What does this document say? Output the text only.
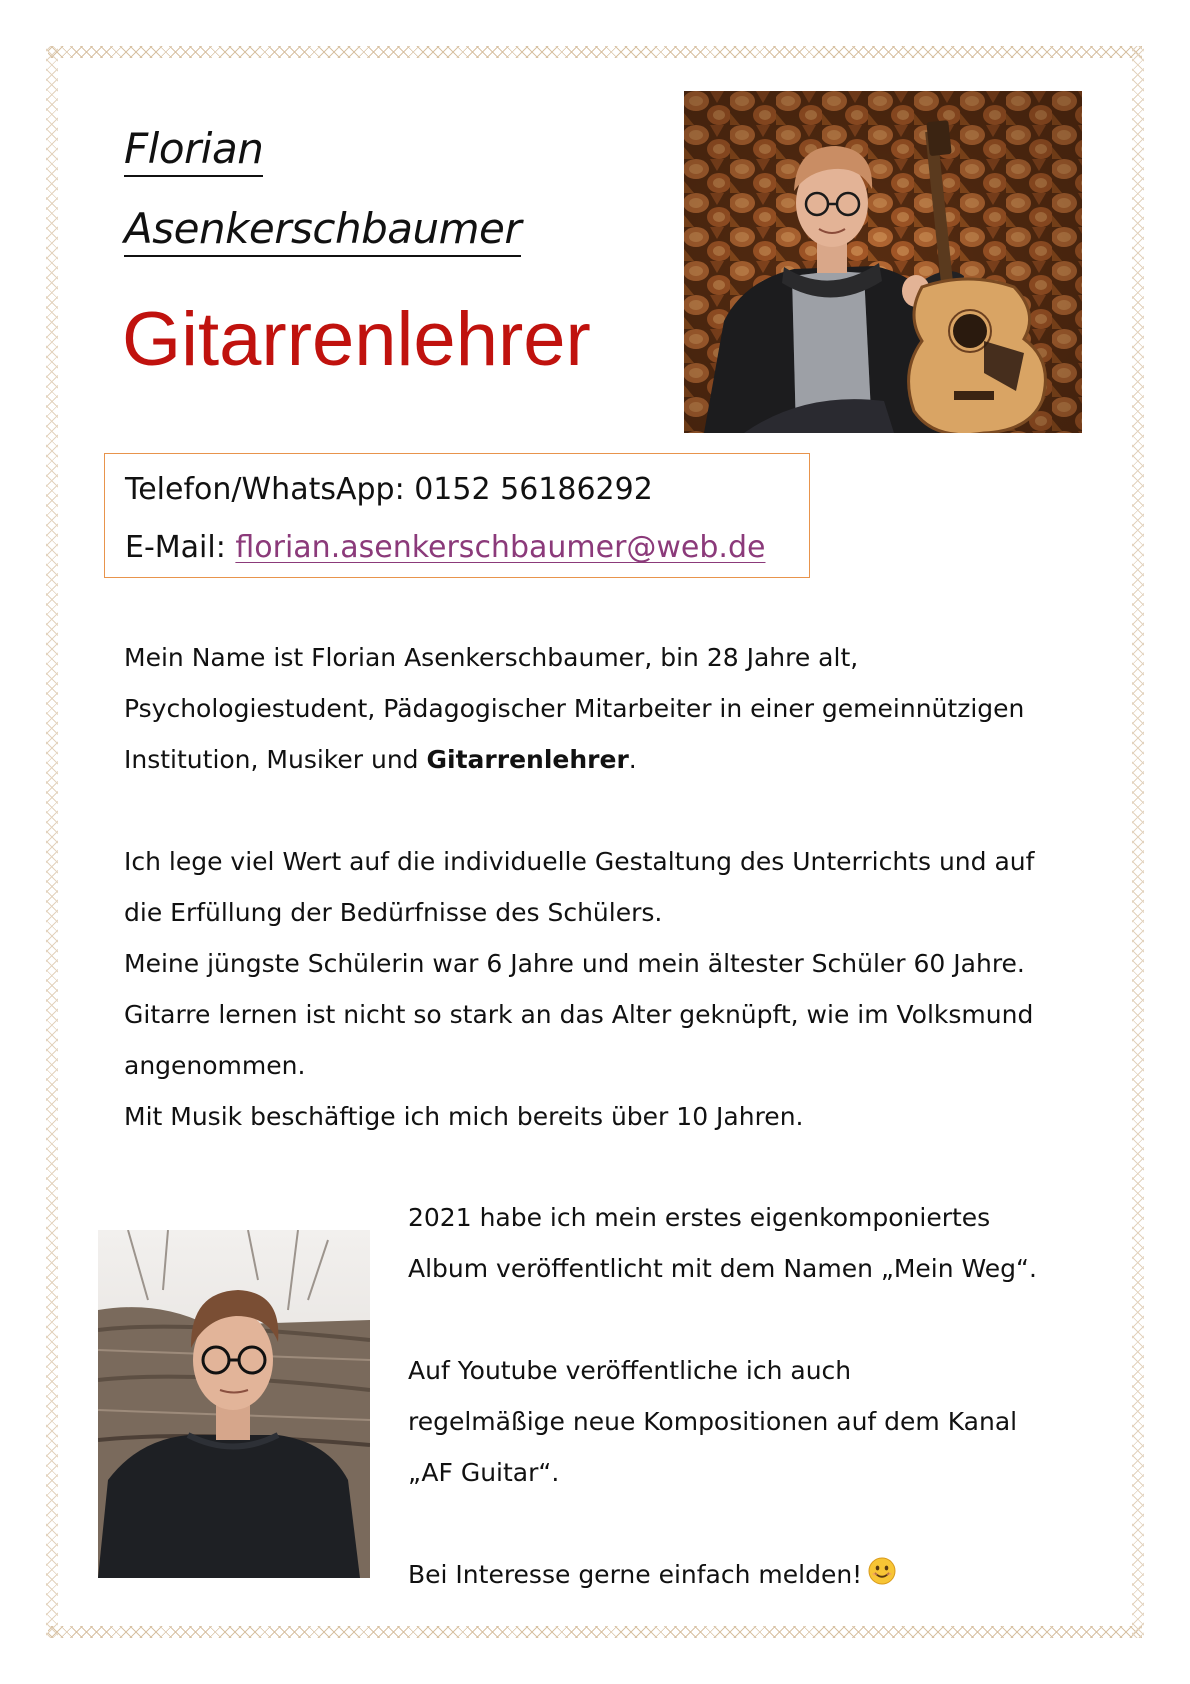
Florian
Asenkerschbaumer
Gitarrenlehrer
Telefon/WhatsApp: 0152 56186292
E-Mail: florian.asenkerschbaumer@web.de

Mein Name ist Florian Asenkerschbaumer, bin 28 Jahre alt,

Psychologiestudent, Pädagogischer Mitarbeiter in einer gemeinnützigen

Institution, Musiker und Gitarrenlehrer.

Ich lege viel Wert auf die individuelle Gestaltung des Unterrichts und auf

die Erfüllung der Bedürfnisse des Schülers.

Meine jüngste Schülerin war 6 Jahre und mein ältester Schüler 60 Jahre.

Gitarre lernen ist nicht so stark an das Alter geknüpft, wie im Volksmund

angenommen.

Mit Musik beschäftige ich mich bereits über 10 Jahren.

2021 habe ich mein erstes eigenkomponiertes

Album veröffentlicht mit dem Namen „Mein Weg“.

Auf Youtube veröffentliche ich auch

regelmäßige neue Kompositionen auf dem Kanal

„AF Guitar“.

Bei Interesse gerne einfach melden!
